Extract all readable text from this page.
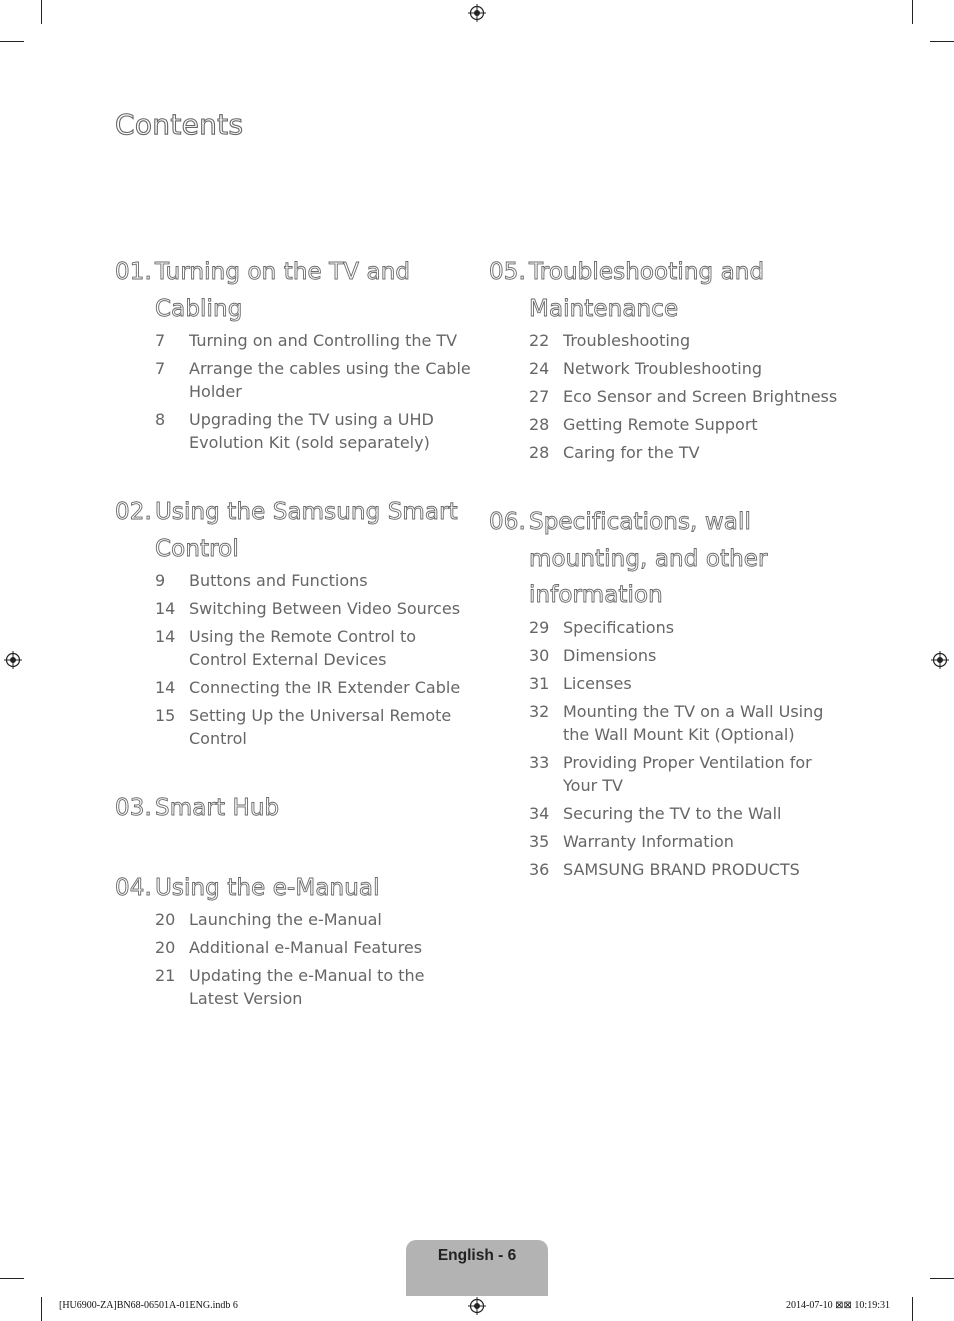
Contents
01. Turning on the TV and Cabling
7	Turning on and Controlling the TV
7	Arrange the cables using the Cable Holder
8	Upgrading the TV using a UHD Evolution Kit (sold separately)
02. Using the Samsung Smart Control
9	Buttons and Functions
14 Switching Between Video Sources
14 Using the Remote Control to Control External Devices
14 Connecting the IR Extender Cable
15 Setting Up the Universal Remote Control
03. Smart Hub
04. Using the e-Manual
20 Launching the e-Manual
20 Additional e-Manual Features
21 Updating the e-Manual to the Latest Version
05. Troubleshooting and Maintenance
22 Troubleshooting
24 Network Troubleshooting
27 Eco Sensor and Screen Brightness
28 Getting Remote Support
28 Caring for the TV
06. Specifications, wall mounting, and other information
29 Specifications
30 Dimensions
31 Licenses
32 Mounting the TV on a Wall Using the Wall Mount Kit (Optional)
33 Providing Proper Ventilation for Your TV
34 Securing the TV to the Wall
35 Warranty Information
36 SAMSUNG BRAND PRODUCTS
English - 6
[HU6900-ZA]BN68-06501A-01ENG.indb 6	2014-07-10 ⊠⊠ 10:19:31
